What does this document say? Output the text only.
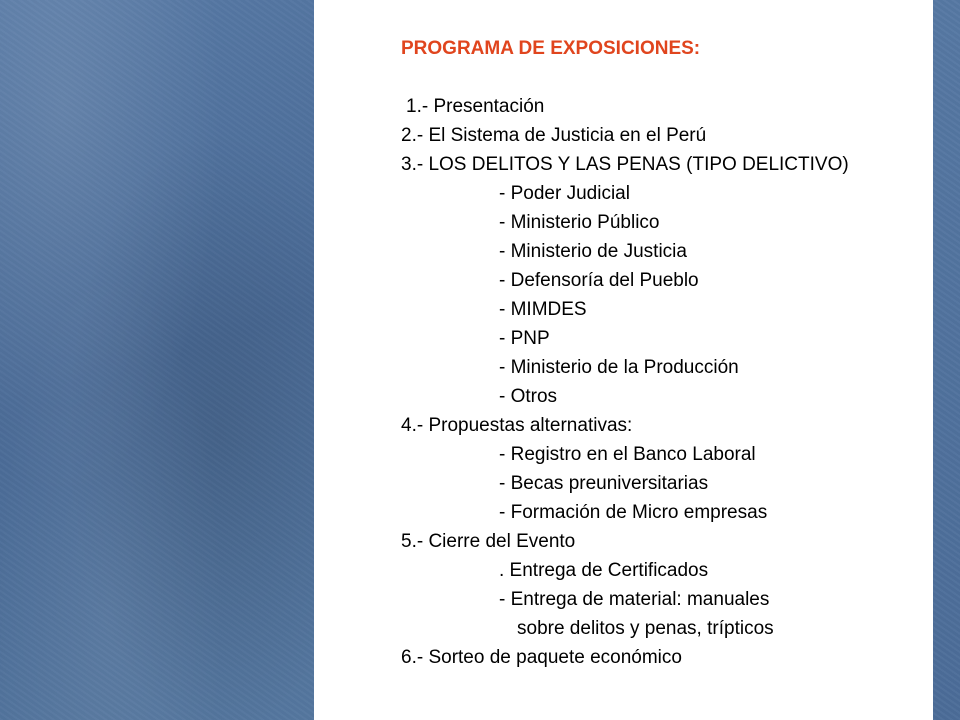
PROGRAMA DE EXPOSICIONES:
1.- Presentación
2.- El Sistema de Justicia en el Perú
3.- LOS DELITOS Y LAS PENAS (TIPO DELICTIVO)
- Poder Judicial
- Ministerio Público
- Ministerio de Justicia
- Defensoría del Pueblo
- MIMDES
- PNP
- Ministerio de la Producción
- Otros
4.- Propuestas alternativas:
- Registro en el Banco Laboral
- Becas preuniversitarias
- Formación de Micro empresas
5.- Cierre del Evento
. Entrega de Certificados
- Entrega de material: manuales
sobre delitos y penas, trípticos
6.- Sorteo de paquete económico
